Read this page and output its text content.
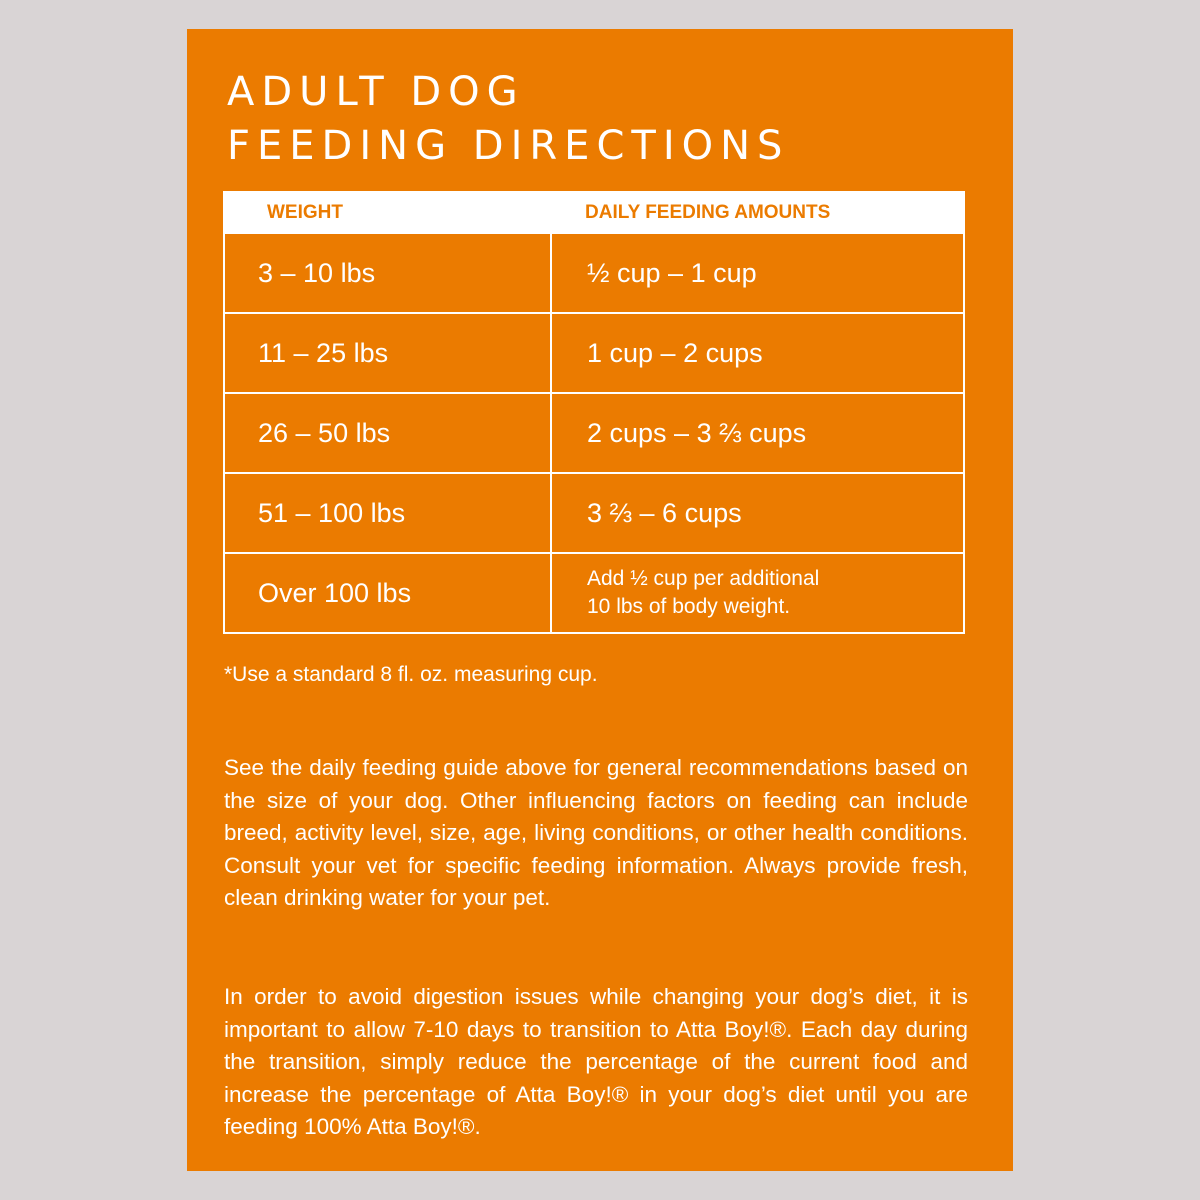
ADULT DOG
FEEDING DIRECTIONS
WEIGHT	DAILY FEEDING AMOUNTS
3 – 10 lbs	½ cup – 1 cup
11 – 25 lbs	1 cup – 2 cups
26 – 50 lbs	2 cups – 3 ⅔ cups
51 – 100 lbs	3 ⅔ – 6 cups
Over 100 lbs	Add ½ cup per additional
10 lbs of body weight.

*Use a standard 8 fl. oz. measuring cup.

See the daily feeding guide above for general recommendations based on the size of your dog. Other influencing factors on feeding can include breed, activity level, size, age, living conditions, or other health conditions. Consult your vet for specific feeding information. Always provide fresh, clean drinking water for your pet.

In order to avoid digestion issues while changing your dog’s diet, it is important to allow 7-10 days to transition to Atta Boy!®. Each day during the transition, simply reduce the percentage of the current food and increase the percentage of Atta Boy!® in your dog’s diet until you are feeding 100% Atta Boy!®.
